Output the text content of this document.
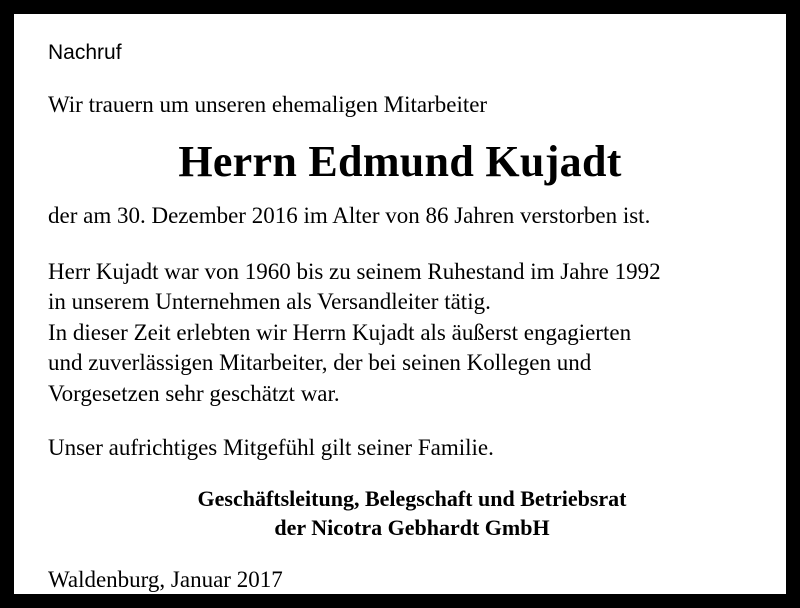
Nachruf

Wir trauern um unseren ehemaligen Mitarbeiter

Herrn Edmund Kujadt

der am 30. Dezember 2016 im Alter von 86 Jahren verstorben ist.

Herr Kujadt war von 1960 bis zu seinem Ruhestand im Jahre 1992
in unserem Unternehmen als Versandleiter tätig.
In dieser Zeit erlebten wir Herrn Kujadt als äußerst engagierten
und zuverlässigen Mitarbeiter, der bei seinen Kollegen und
Vorgesetzen sehr geschätzt war.
Unser aufrichtiges Mitgefühl gilt seiner Familie.
Geschäftsleitung, Belegschaft und Betriebsrat
der Nicotra Gebhardt GmbH

Waldenburg, Januar 2017
